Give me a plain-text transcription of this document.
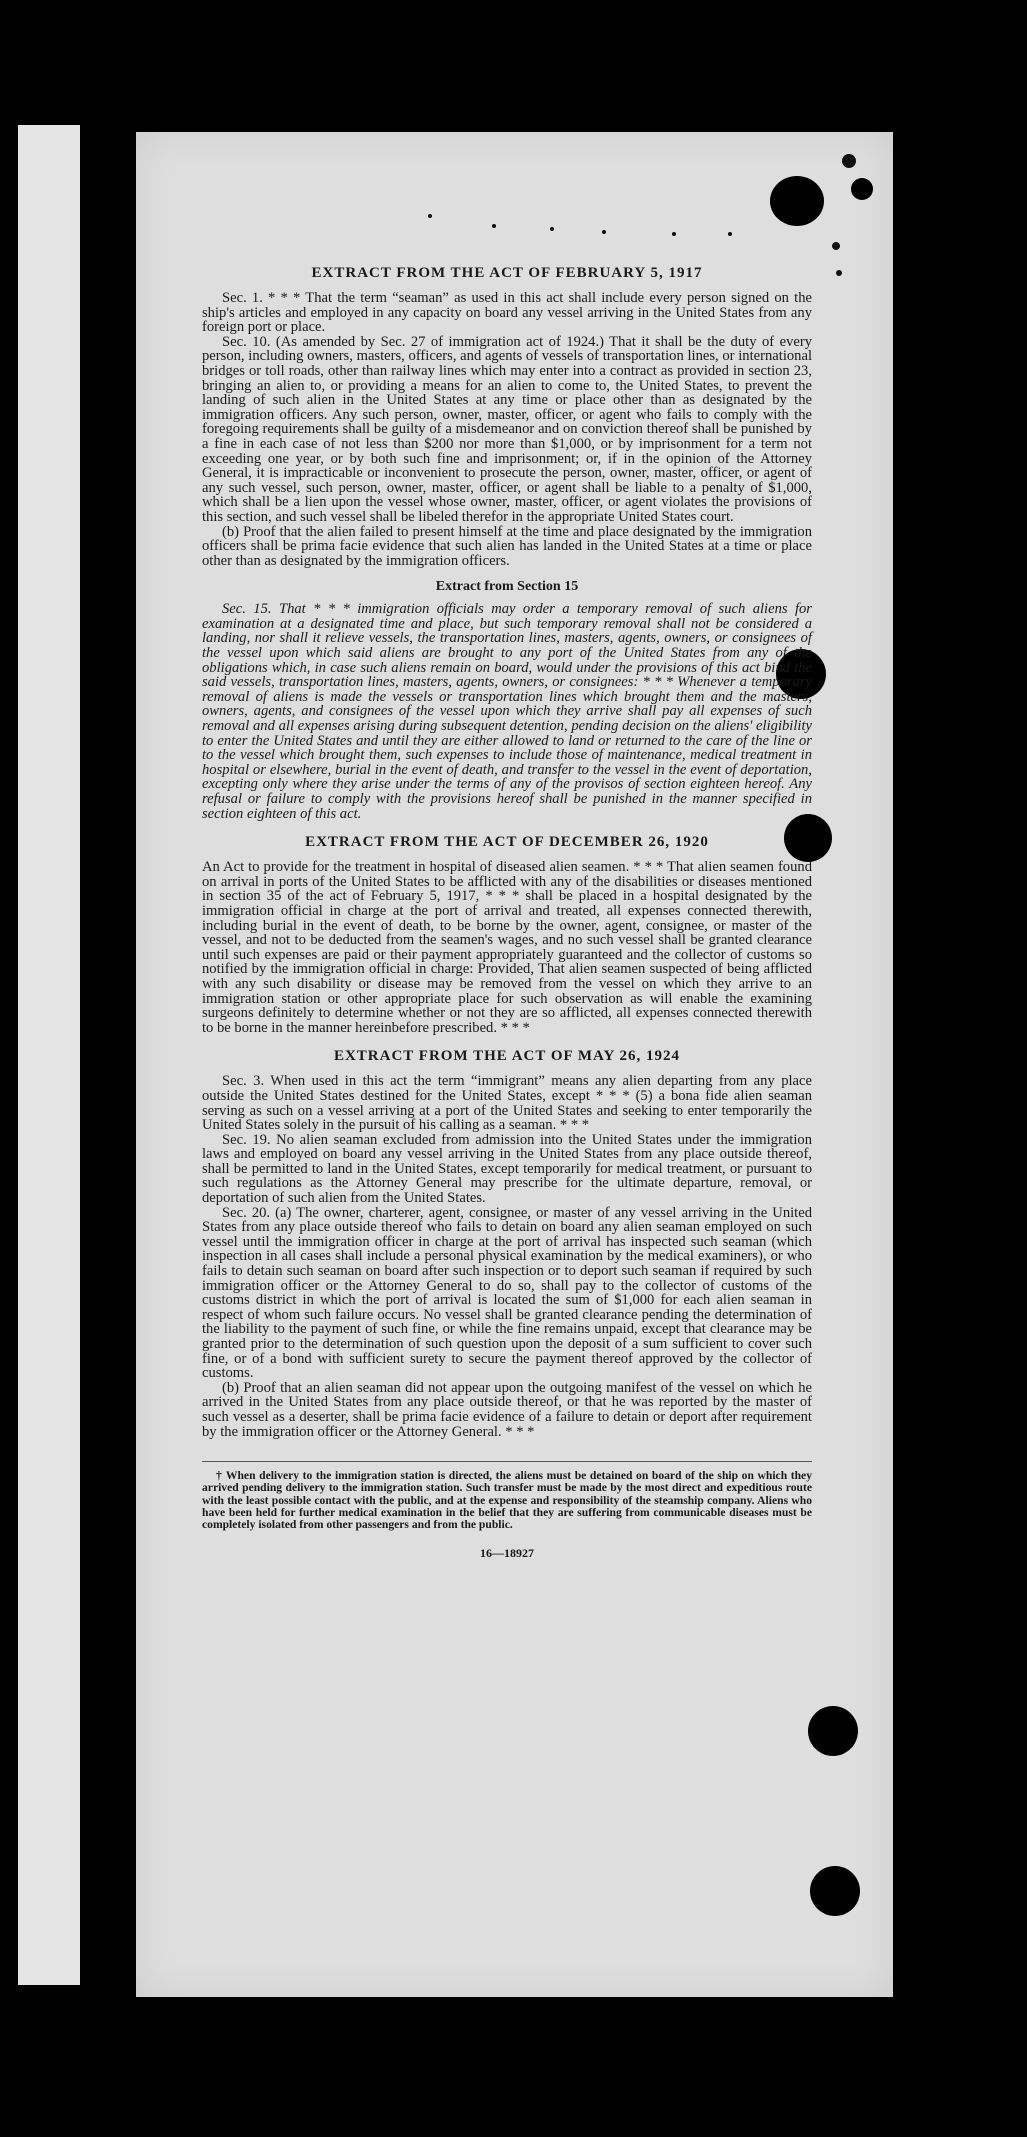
EXTRACT FROM THE ACT OF FEBRUARY 5, 1917

Sec. 1. * * * That the term “seaman” as used in this act shall include every person signed on the ship's articles and employed in any capacity on board any vessel arriving in the United States from any foreign port or place.

Sec. 10. (As amended by Sec. 27 of immigration act of 1924.) That it shall be the duty of every person, including owners, masters, officers, and agents of vessels of transportation lines, or international bridges or toll roads, other than railway lines which may enter into a contract as provided in section 23, bringing an alien to, or providing a means for an alien to come to, the United States, to prevent the landing of such alien in the United States at any time or place other than as designated by the immigration officers. Any such person, owner, master, officer, or agent who fails to comply with the foregoing requirements shall be guilty of a misdemeanor and on conviction thereof shall be punished by a fine in each case of not less than $200 nor more than $1,000, or by imprisonment for a term not exceeding one year, or by both such fine and imprisonment; or, if in the opinion of the Attorney General, it is impracticable or inconvenient to prosecute the person, owner, master, officer, or agent of any such vessel, such person, owner, master, officer, or agent shall be liable to a penalty of $1,000, which shall be a lien upon the vessel whose owner, master, officer, or agent violates the provisions of this section, and such vessel shall be libeled therefor in the appropriate United States court.

(b) Proof that the alien failed to present himself at the time and place designated by the immigration officers shall be prima facie evidence that such alien has landed in the United States at a time or place other than as designated by the immigration officers.

Extract from Section 15

Sec. 15. That * * * immigration officials may order a temporary removal of such aliens for examination at a designated time and place, but such temporary removal shall not be considered a landing, nor shall it relieve vessels, the transportation lines, masters, agents, owners, or consignees of the vessel upon which said aliens are brought to any port of the United States from any of the obligations which, in case such aliens remain on board, would under the provisions of this act bind the said vessels, transportation lines, masters, agents, owners, or consignees: * * * Whenever a temporary removal of aliens is made the vessels or transportation lines which brought them and the masters, owners, agents, and consignees of the vessel upon which they arrive shall pay all expenses of such removal and all expenses arising during subsequent detention, pending decision on the aliens' eligibility to enter the United States and until they are either allowed to land or returned to the care of the line or to the vessel which brought them, such expenses to include those of maintenance, medical treatment in hospital or elsewhere, burial in the event of death, and transfer to the vessel in the event of deportation, excepting only where they arise under the terms of any of the provisos of section eighteen hereof. Any refusal or failure to comply with the provisions hereof shall be punished in the manner specified in section eighteen of this act.

EXTRACT FROM THE ACT OF DECEMBER 26, 1920

An Act to provide for the treatment in hospital of diseased alien seamen. * * * That alien seamen found on arrival in ports of the United States to be afflicted with any of the disabilities or diseases mentioned in section 35 of the act of February 5, 1917, * * * shall be placed in a hospital designated by the immigration official in charge at the port of arrival and treated, all expenses connected therewith, including burial in the event of death, to be borne by the owner, agent, consignee, or master of the vessel, and not to be deducted from the seamen's wages, and no such vessel shall be granted clearance until such expenses are paid or their payment appropriately guaranteed and the collector of customs so notified by the immigration official in charge: Provided, That alien seamen suspected of being afflicted with any such disability or disease may be removed from the vessel on which they arrive to an immigration station or other appropriate place for such observation as will enable the examining surgeons definitely to determine whether or not they are so afflicted, all expenses connected therewith to be borne in the manner hereinbefore prescribed. * * *

EXTRACT FROM THE ACT OF MAY 26, 1924

Sec. 3. When used in this act the term “immigrant” means any alien departing from any place outside the United States destined for the United States, except * * * (5) a bona fide alien seaman serving as such on a vessel arriving at a port of the United States and seeking to enter temporarily the United States solely in the pursuit of his calling as a seaman. * * *

Sec. 19. No alien seaman excluded from admission into the United States under the immigration laws and employed on board any vessel arriving in the United States from any place outside thereof, shall be permitted to land in the United States, except temporarily for medical treatment, or pursuant to such regulations as the Attorney General may prescribe for the ultimate departure, removal, or deportation of such alien from the United States.

Sec. 20. (a) The owner, charterer, agent, consignee, or master of any vessel arriving in the United States from any place outside thereof who fails to detain on board any alien seaman employed on such vessel until the immigration officer in charge at the port of arrival has inspected such seaman (which inspection in all cases shall include a personal physical examination by the medical examiners), or who fails to detain such seaman on board after such inspection or to deport such seaman if required by such immigration officer or the Attorney General to do so, shall pay to the collector of customs of the customs district in which the port of arrival is located the sum of $1,000 for each alien seaman in respect of whom such failure occurs. No vessel shall be granted clearance pending the determination of the liability to the payment of such fine, or while the fine remains unpaid, except that clearance may be granted prior to the determination of such question upon the deposit of a sum sufficient to cover such fine, or of a bond with sufficient surety to secure the payment thereof approved by the collector of customs.

(b) Proof that an alien seaman did not appear upon the outgoing manifest of the vessel on which he arrived in the United States from any place outside thereof, or that he was reported by the master of such vessel as a deserter, shall be prima facie evidence of a failure to detain or deport after requirement by the immigration officer or the Attorney General. * * *

† When delivery to the immigration station is directed, the aliens must be detained on board of the ship on which they arrived pending delivery to the immigration station. Such transfer must be made by the most direct and expeditious route with the least possible contact with the public, and at the expense and responsibility of the steamship company. Aliens who have been held for further medical examination in the belief that they are suffering from communicable diseases must be completely isolated from other passengers and from the public.
16—18927
